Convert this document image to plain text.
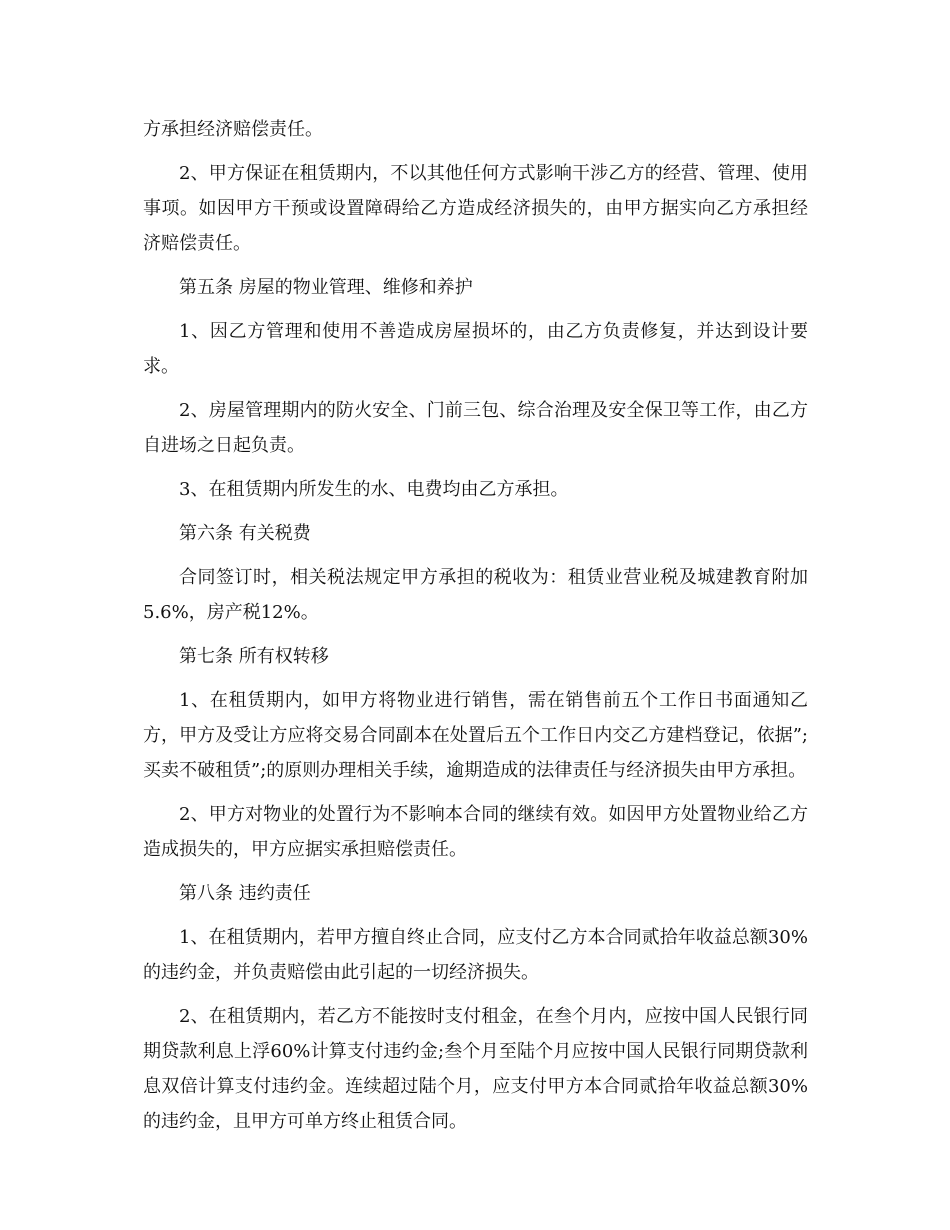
方承担经济赔偿责任。

2、甲方保证在租赁期内，不以其他任何方式影响干涉乙方的经营、管理、使用事项。如因甲方干预或设置障碍给乙方造成经济损失的，由甲方据实向乙方承担经济赔偿责任。

第五条 房屋的物业管理、维修和养护

1、因乙方管理和使用不善造成房屋损坏的，由乙方负责修复，并达到设计要求。

2、房屋管理期内的防火安全、门前三包、综合治理及安全保卫等工作，由乙方自进场之日起负责。

3、在租赁期内所发生的水、电费均由乙方承担。

第六条 有关税费

合同签订时，相关税法规定甲方承担的税收为：租赁业营业税及城建教育附加5.6%，房产税12%。

第七条 所有权转移

1、在租赁期内，如甲方将物业进行销售，需在销售前五个工作日书面通知乙方，甲方及受让方应将交易合同副本在处置后五个工作日内交乙方建档登记，依据”;买卖不破租赁”;的原则办理相关手续，逾期造成的法律责任与经济损失由甲方承担。

2、甲方对物业的处置行为不影响本合同的继续有效。如因甲方处置物业给乙方造成损失的，甲方应据实承担赔偿责任。

第八条 违约责任

1、在租赁期内，若甲方擅自终止合同，应支付乙方本合同贰拾年收益总额30%的违约金，并负责赔偿由此引起的一切经济损失。

2、在租赁期内，若乙方不能按时支付租金，在叁个月内，应按中国人民银行同期贷款利息上浮60%计算支付违约金;叁个月至陆个月应按中国人民银行同期贷款利息双倍计算支付违约金。连续超过陆个月，应支付甲方本合同贰拾年收益总额30%的违约金，且甲方可单方终止租赁合同。
